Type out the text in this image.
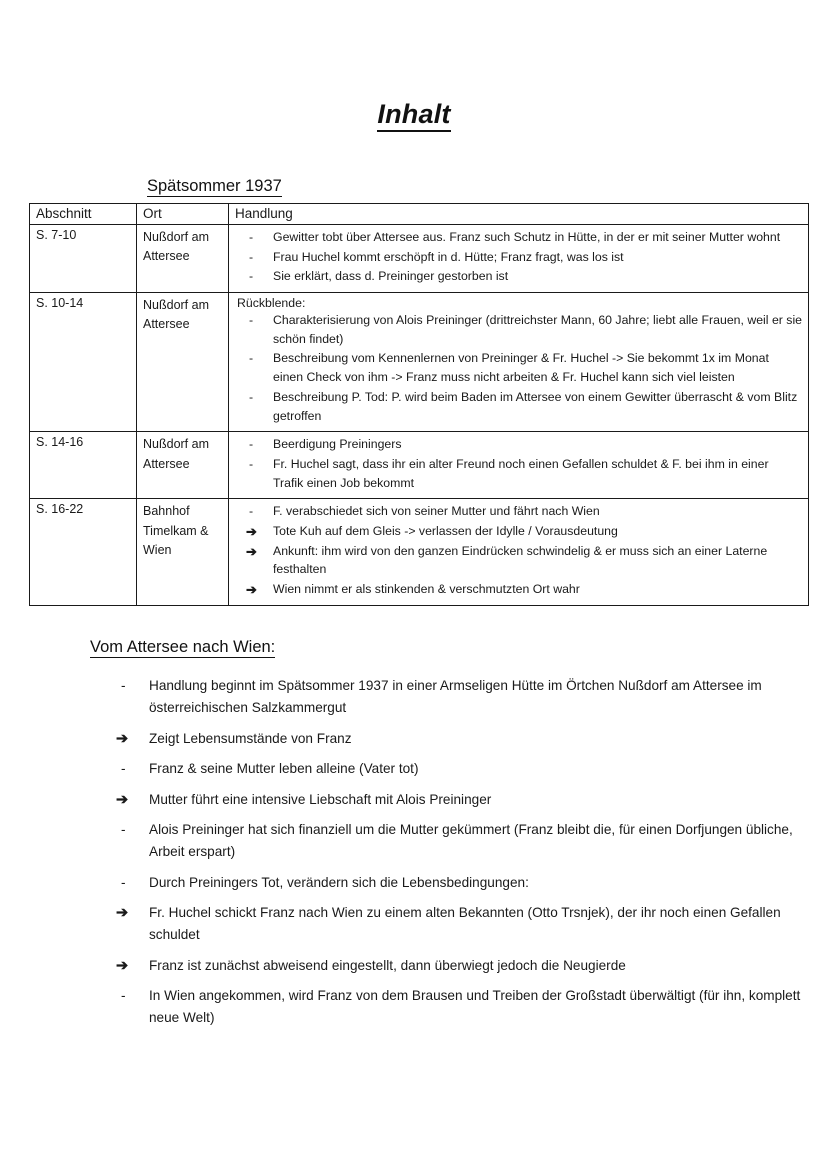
Inhalt
Spätsommer 1937
Abschnitt	Ort	Handlung
S. 7-10	Nußdorf am Attersee	
- Gewitter tobt über Attersee aus. Franz such Schutz in Hütte, in der er mit seiner Mutter wohnt
- Frau Huchel kommt erschöpft in d. Hütte; Franz fragt, was los ist
- Sie erklärt, dass d. Preininger gestorben ist

S. 10-14	Nußdorf am Attersee	
Rückblende:
- Charakterisierung von Alois Preininger (drittreichster Mann, 60 Jahre; liebt alle Frauen, weil er sie schön findet)
- Beschreibung vom Kennenlernen von Preininger & Fr. Huchel -> Sie bekommt 1x im Monat einen Check von ihm -> Franz muss nicht arbeiten & Fr. Huchel kann sich viel leisten
- Beschreibung P. Tod: P. wird beim Baden im Attersee von einem Gewitter überrascht & vom Blitz getroffen

S. 14-16	Nußdorf am Attersee	
- Beerdigung Preiningers
- Fr. Huchel sagt, dass ihr ein alter Freund noch einen Gefallen schuldet & F. bei ihm in einer Trafik einen Job bekommt

S. 16-22	Bahnhof Timelkam & Wien	
- F. verabschiedet sich von seiner Mutter und fährt nach Wien
➔ Tote Kuh auf dem Gleis -> verlassen der Idylle / Vorausdeutung
➔ Ankunft: ihm wird von den ganzen Eindrücken schwindelig & er muss sich an einer Laterne festhalten
➔ Wien nimmt er als stinkenden & verschmutzten Ort wahr
Vom Attersee nach Wien:
- Handlung beginnt im Spätsommer 1937 in einer Armseligen Hütte im Örtchen Nußdorf am Attersee im österreichischen Salzkammergut
➔ Zeigt Lebensumstände von Franz
- Franz & seine Mutter leben alleine (Vater tot)
➔ Mutter führt eine intensive Liebschaft mit Alois Preininger
- Alois Preininger hat sich finanziell um die Mutter gekümmert (Franz bleibt die, für einen Dorfjungen übliche, Arbeit erspart)
- Durch Preiningers Tot, verändern sich die Lebensbedingungen:
➔ Fr. Huchel schickt Franz nach Wien zu einem alten Bekannten (Otto Trsnjek), der ihr noch einen Gefallen schuldet
➔ Franz ist zunächst abweisend eingestellt, dann überwiegt jedoch die Neugierde
- In Wien angekommen, wird Franz von dem Brausen und Treiben der Großstadt überwältigt (für ihn, komplett neue Welt)
